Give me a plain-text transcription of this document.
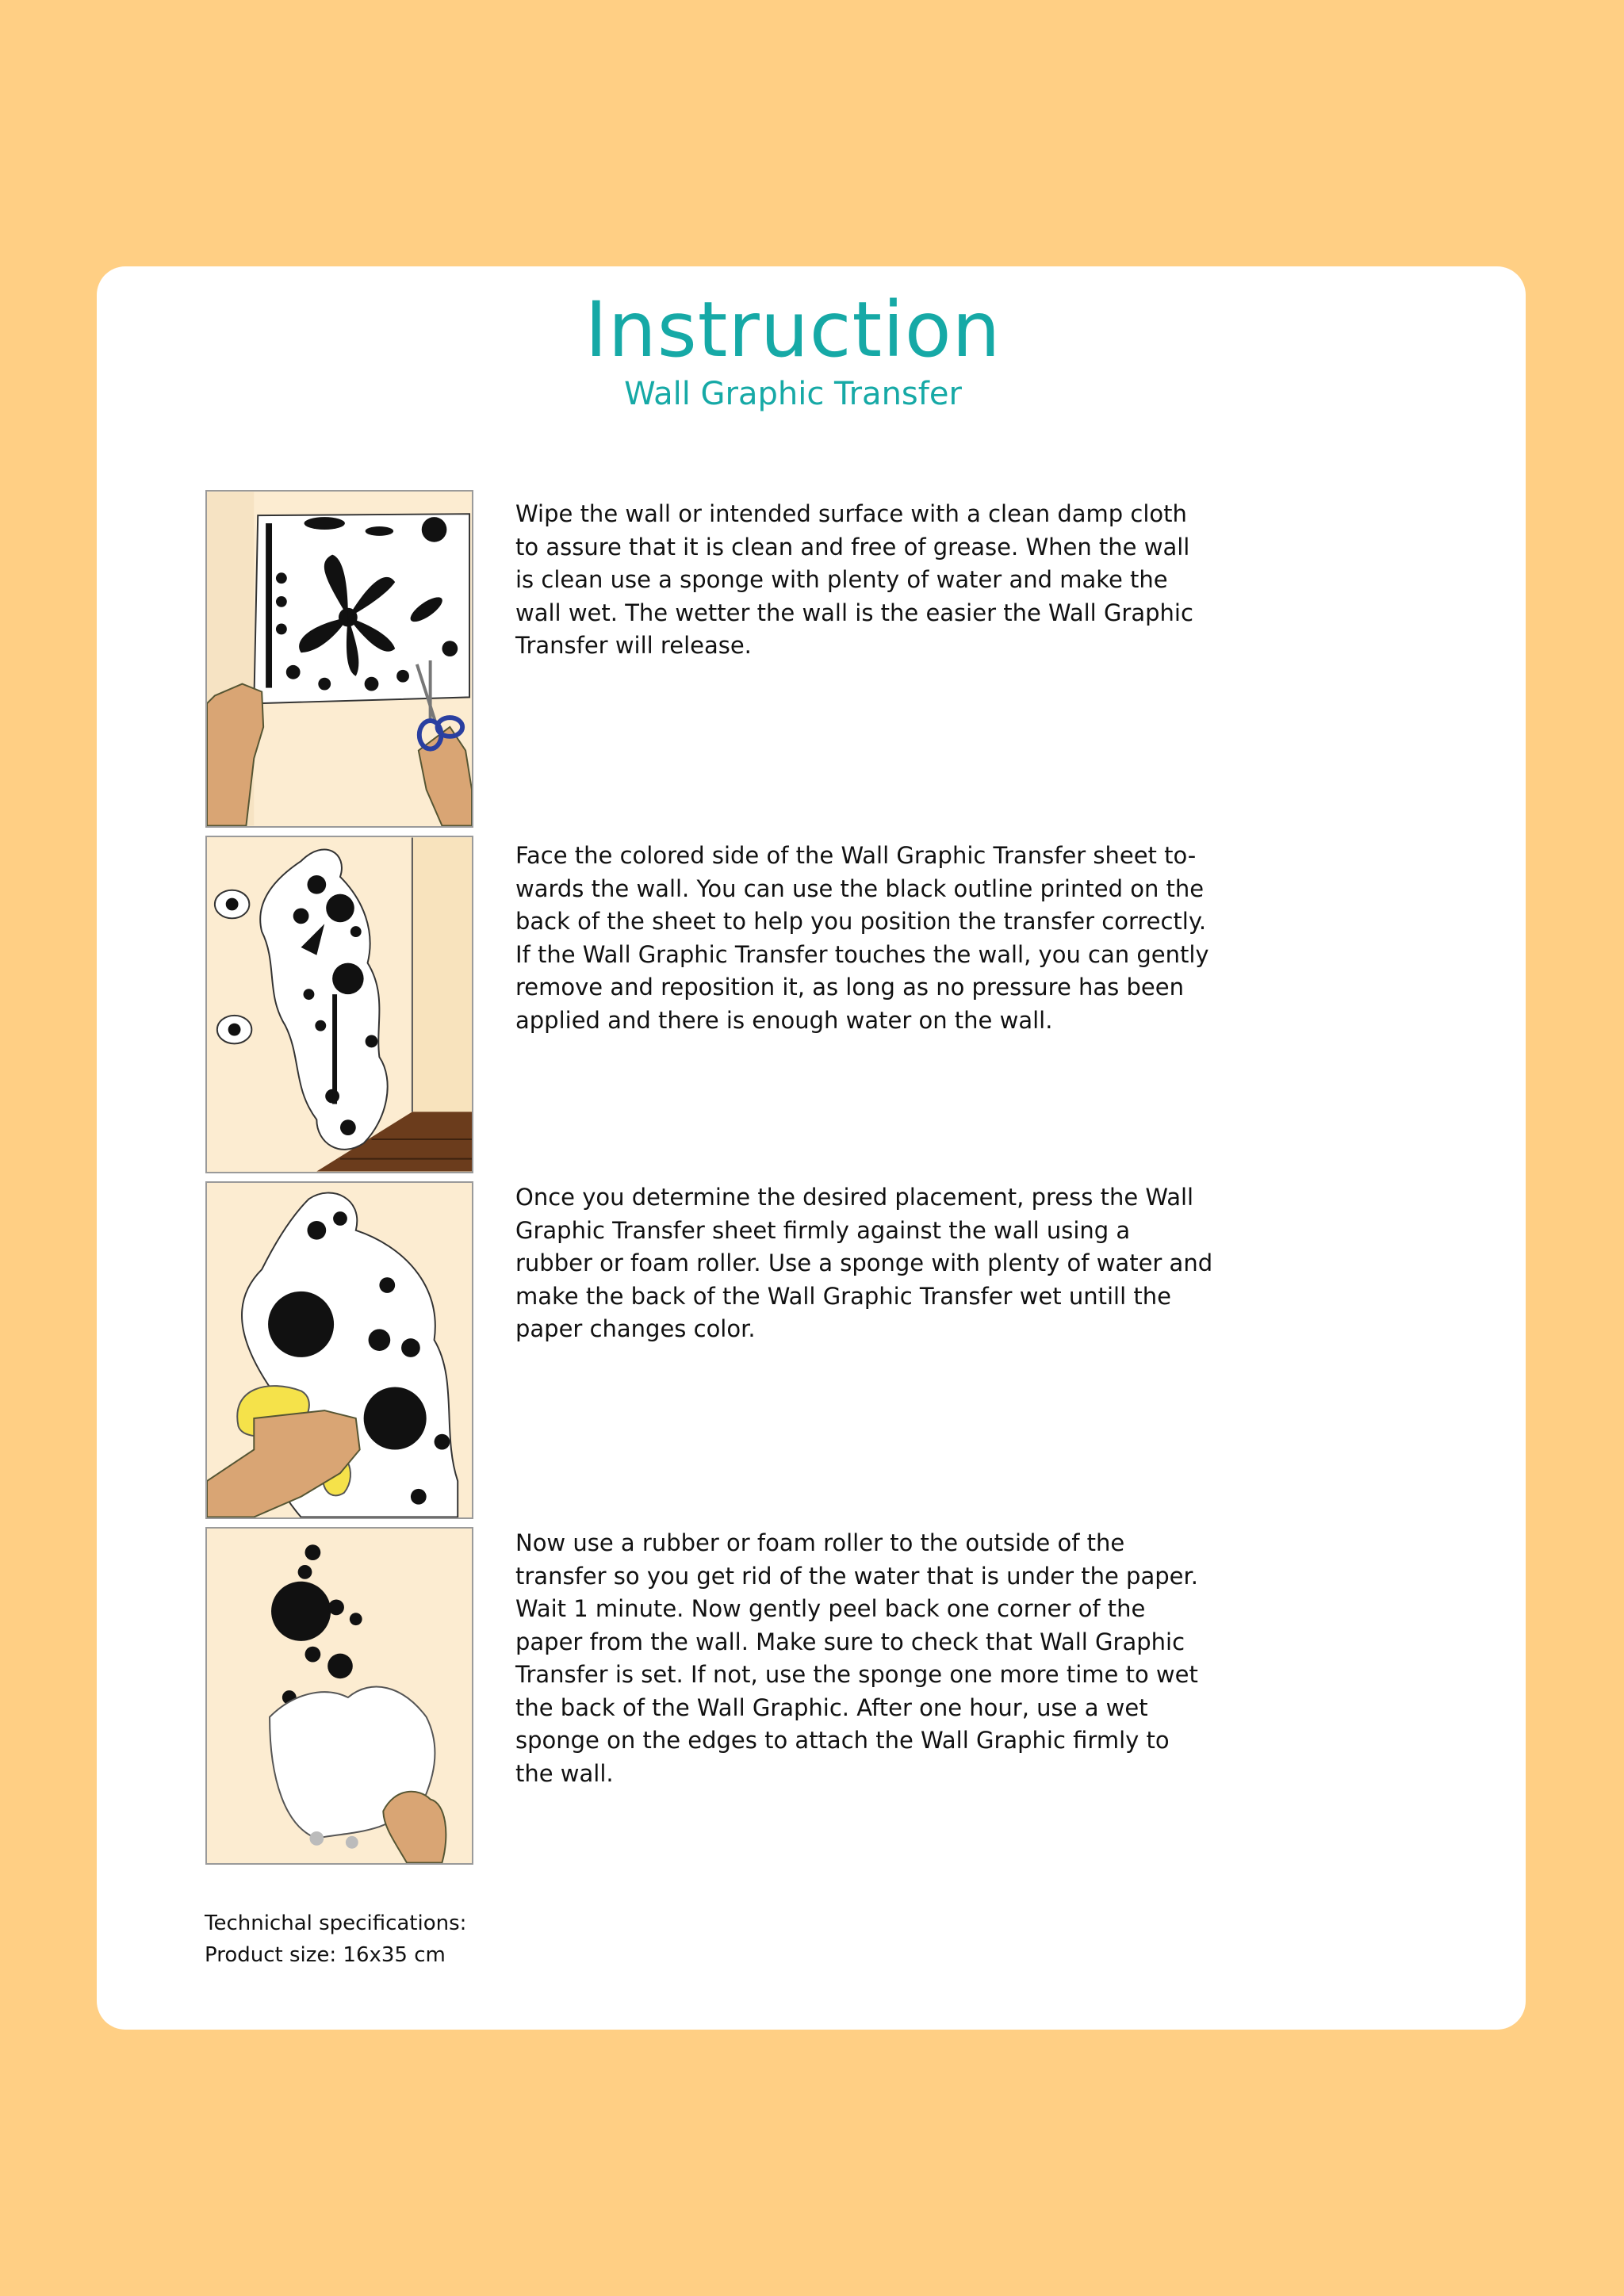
Instruction
Wall Graphic Transfer
Wipe the wall or intended surface with a clean damp cloth to assure that it is clean and free of grease. When the wall is clean use a sponge with plenty of water and make the wall wet. The wetter the wall is the easier the Wall Graphic Transfer will release.
Face the colored side of the Wall Graphic Transfer sheet to-wards the wall. You can use the black outline printed on the back of the sheet to help you position the transfer correctly. If the Wall Graphic Transfer touches the wall, you can gently remove and reposition it, as long as no pressure has been applied and there is enough water on the wall.
Once you determine the desired placement, press the Wall Graphic Transfer sheet firmly against the wall using a rubber or foam roller. Use a sponge with plenty of water and make the back of the Wall Graphic Transfer wet untill the paper changes color.
Now use a rubber or foam roller to the outside of the transfer so you get rid of the water that is under the paper. Wait 1 minute. Now gently peel back one corner of the paper from the wall. Make sure to check that Wall Graphic Transfer is set. If not, use the sponge one more time to wet the back of the Wall Graphic. After one hour, use a wet sponge on the edges to attach the Wall Graphic firmly to the wall.
Technichal specifications:
Product size: 16x35 cm
